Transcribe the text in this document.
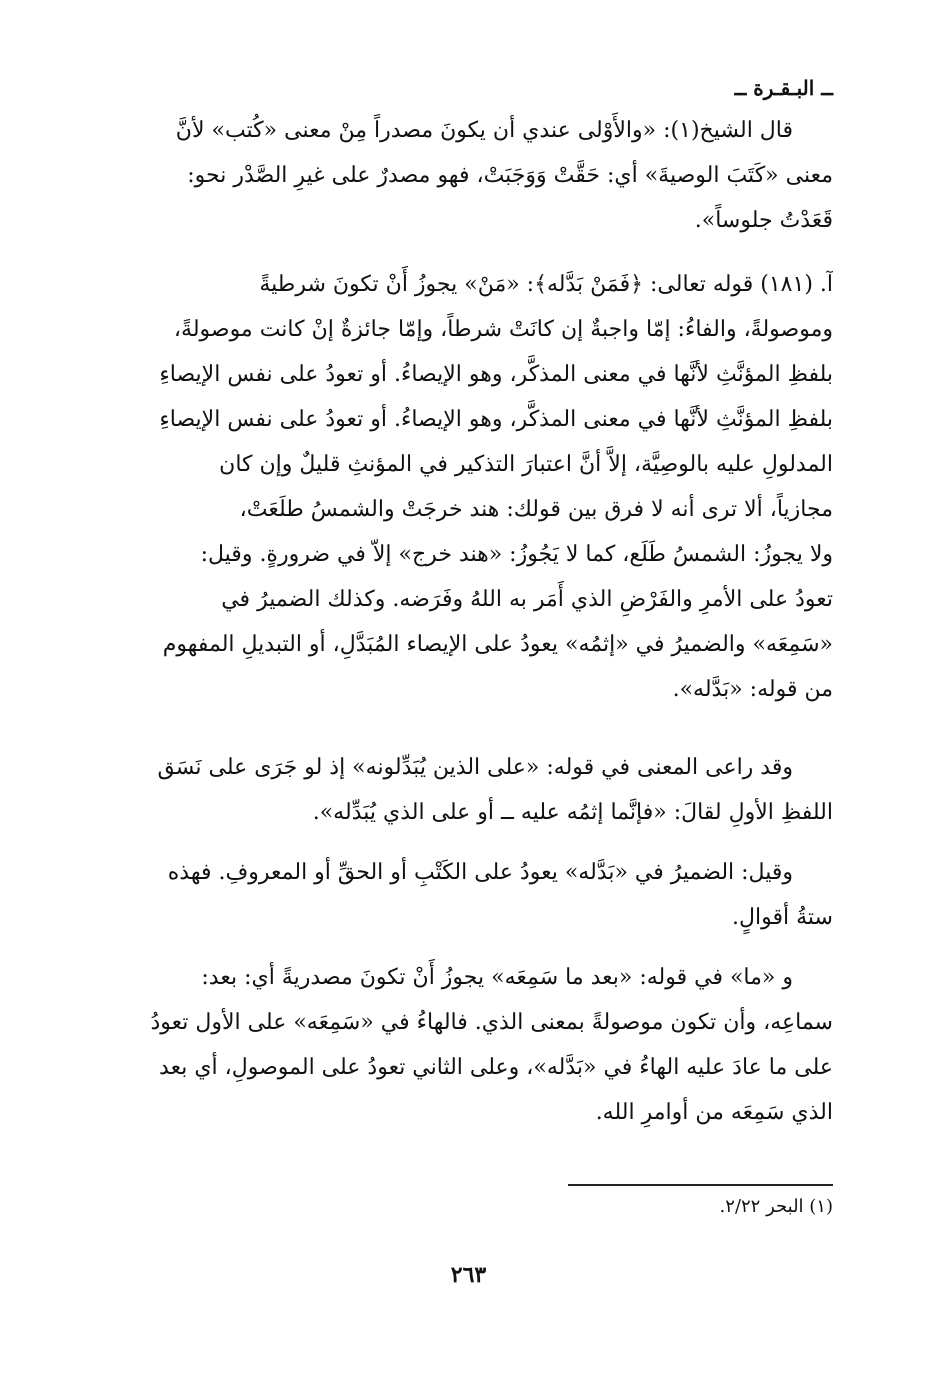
ــ البـقـرة ــ
قال الشيخ(١): «والأَوْلى عندي أن يكونَ مصدراً مِنْ معنى «كُتب» لأنَّ
معنى «كَتَبَ الوصيةَ» أي: حَقَّتْ وَوَجَبَتْ، فهو مصدرٌ على غيرِ الصَّدْر نحو:
قَعَدْتُ جلوساً».
آ. (١٨١) قوله تعالى: ﴿فَمَنْ بَدَّله﴾: «مَنْ» يجوزُ أَنْ تكونَ شرطيةً
وموصولةً، والفاءُ: إمّا واجبةٌ إن كانَتْ شرطاً، وإمّا جائزةٌ إنْ كانت موصولةً،
بلفظِ المؤنَّثِ لأنَّها في معنى المذكَّر، وهو الإيصاءُ. أو تعودُ على نفس الإيصاءِ
بلفظِ المؤنَّثِ لأنَّها في معنى المذكَّر، وهو الإيصاءُ. أو تعودُ على نفس الإيصاءِ
المدلولِ عليه بالوصِيَّة، إلاَّ أنَّ اعتبارَ التذكير في المؤنثِ قليلٌ وإن كان
مجازياً، ألا ترى أنه لا فرق بين قولك: هند خرجَتْ والشمسُ طلَعَتْ،
ولا يجوزُ: الشمسُ طَلَع، كما لا يَجُوزُ: «هند خرج» إلاّ في ضرورةٍ. وقيل:
تعودُ على الأمرِ والفَرْضِ الذي أَمَر به اللهُ وفَرَضه. وكذلك الضميرُ في
«سَمِعَه» والضميرُ في «إثمُه» يعودُ على الإيصاء المُبَدَّلِ، أو التبديلِ المفهوم
من قوله: «بَدَّله».
وقد راعى المعنى في قوله: «على الذين يُبَدِّلونه» إذ لو جَرَى على نَسَق
اللفظِ الأولِ لقالَ: «فإنَّما إثمُه عليه ــ أو على الذي يُبَدِّله».
وقيل: الضميرُ في «بَدَّله» يعودُ على الكَتْبِ أو الحقِّ أو المعروفِ. فهذه
ستةُ أقوالٍ.
و «ما» في قوله: «بعد ما سَمِعَه» يجوزُ أَنْ تكونَ مصدريةً أي: بعد:
سماعِه، وأن تكون موصولةً بمعنى الذي. فالهاءُ في «سَمِعَه» على الأول تعودُ
على ما عادَ عليه الهاءُ في «بَدَّله»، وعلى الثاني تعودُ على الموصولِ، أي بعد
الذي سَمِعَه من أوامرِ الله.
(١) البحر ٢/٢٢.
٢٦٣
